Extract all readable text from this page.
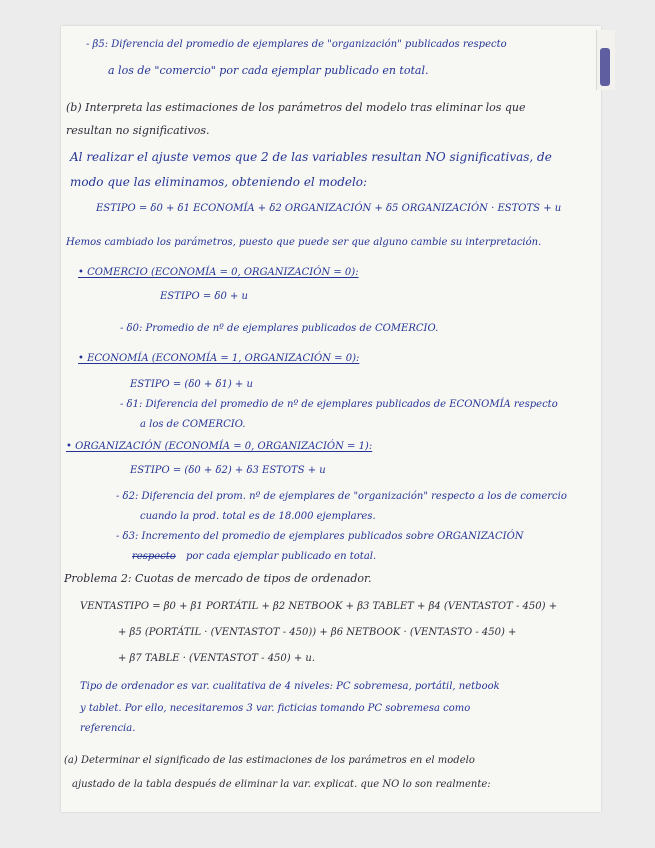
- β5: Diferencia del promedio de ejemplares de "organización" publicados respecto

a los de "comercio" por cada ejemplar publicado en total.

(b) Interpreta las estimaciones de los parámetros del modelo tras eliminar los que

resultan no significativos.

Al realizar el ajuste vemos que 2 de las variables resultan NO significativas, de

modo que las eliminamos, obteniendo el modelo:

ESTIPO = δ0 + δ1 ECONOMÍA + δ2 ORGANIZACIÓN + δ5 ORGANIZACIÓN · ESTOTS + u

Hemos cambiado los parámetros, puesto que puede ser que alguno cambie su interpretación.

• COMERCIO (ECONOMÍA = 0, ORGANIZACIÓN = 0):

ESTIPO = δ0 + u

- δ0: Promedio de nº de ejemplares publicados de COMERCIO.

• ECONOMÍA (ECONOMÍA = 1, ORGANIZACIÓN = 0):

ESTIPO = (δ0 + δ1) + u

- δ1: Diferencia del promedio de nº de ejemplares publicados de ECONOMÍA respecto

a los de COMERCIO.

• ORGANIZACIÓN (ECONOMÍA = 0, ORGANIZACIÓN = 1):

ESTIPO = (δ0 + δ2) + δ3 ESTOTS + u

- δ2: Diferencia del prom. nº de ejemplares de "organización" respecto a los de comercio

cuando la prod. total es de 18.000 ejemplares.

- δ3: Incremento del promedio de ejemplares publicados sobre ORGANIZACIÓN

respecto por cada ejemplar publicado en total.

Problema 2: Cuotas de mercado de tipos de ordenador.

VENTASTIPO = β0 + β1 PORTÁTIL + β2 NETBOOK + β3 TABLET + β4 (VENTASTOT - 450) +

+ β5 (PORTÁTIL · (VENTASTOT - 450)) + β6 NETBOOK · (VENTASTO - 450) +

+ β7 TABLE · (VENTASTOT - 450) + u.

Tipo de ordenador es var. cualitativa de 4 niveles: PC sobremesa, portátil, netbook

y tablet. Por ello, necesitaremos 3 var. ficticias tomando PC sobremesa como

referencia.

(a) Determinar el significado de las estimaciones de los parámetros en el modelo

ajustado de la tabla después de eliminar la var. explicat. que NO lo son realmente:
